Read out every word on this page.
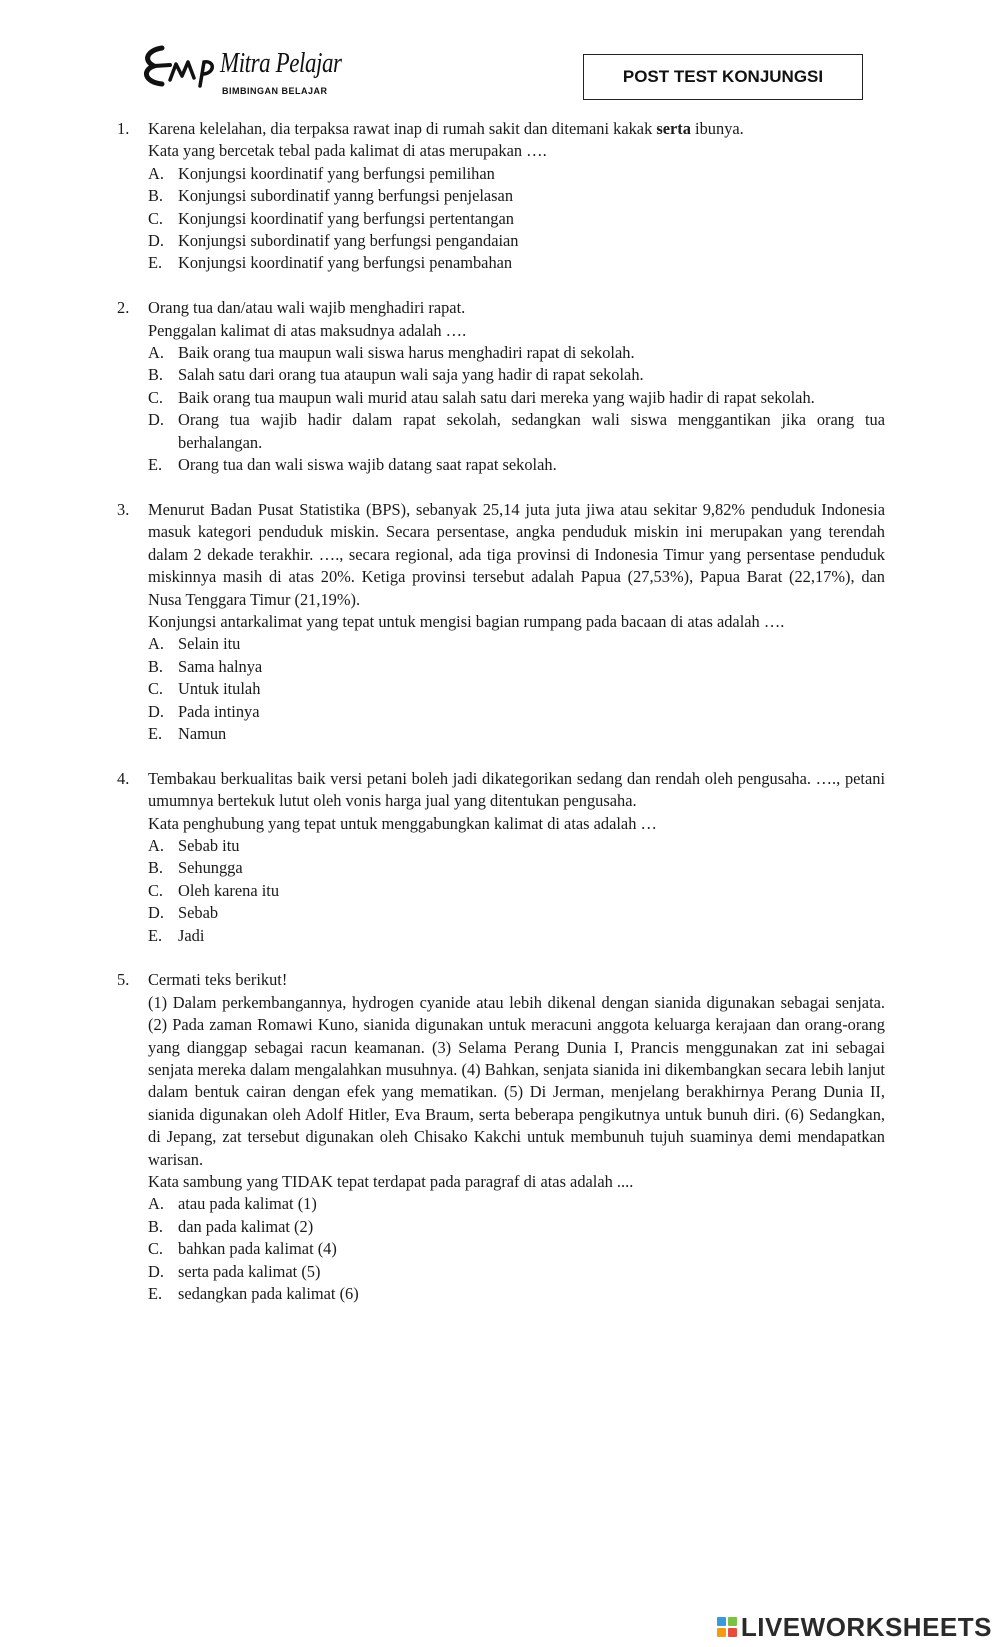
Mitra Pelajar
BIMBINGAN BELAJAR
POST TEST KONJUNGSI
1. Karena kelelahan, dia terpaksa rawat inap di rumah sakit dan ditemani kakak serta ibunya.
Kata yang bercetak tebal pada kalimat di atas merupakan ….
A. Konjungsi koordinatif yang berfungsi pemilihan
B. Konjungsi subordinatif yanng berfungsi penjelasan
C. Konjungsi koordinatif yang berfungsi pertentangan
D. Konjungsi subordinatif yang berfungsi pengandaian
E. Konjungsi koordinatif yang berfungsi penambahan
2. Orang tua dan/atau wali wajib menghadiri rapat.
Penggalan kalimat di atas maksudnya adalah ….
A. Baik orang tua maupun wali siswa harus menghadiri rapat di sekolah.
B. Salah satu dari orang tua ataupun wali saja yang hadir di rapat sekolah.
C. Baik orang tua maupun wali murid atau salah satu dari mereka yang wajib hadir di rapat sekolah.
D. Orang tua wajib hadir dalam rapat sekolah, sedangkan wali siswa menggantikan jika orang tua berhalangan.
E. Orang tua dan wali siswa wajib datang saat rapat sekolah.
3. Menurut Badan Pusat Statistika (BPS), sebanyak 25,14 juta juta jiwa atau sekitar 9,82% penduduk Indonesia masuk kategori penduduk miskin. Secara persentase, angka penduduk miskin ini merupakan yang terendah dalam 2 dekade terakhir. …., secara regional, ada tiga provinsi di Indonesia Timur yang persentase penduduk miskinnya masih di atas 20%. Ketiga provinsi tersebut adalah Papua (27,53%), Papua Barat (22,17%), dan Nusa Tenggara Timur (21,19%).
Konjungsi antarkalimat yang tepat untuk mengisi bagian rumpang pada bacaan di atas adalah ….
A. Selain itu
B. Sama halnya
C. Untuk itulah
D. Pada intinya
E. Namun
4. Tembakau berkualitas baik versi petani boleh jadi dikategorikan sedang dan rendah oleh pengusaha. …., petani umumnya bertekuk lutut oleh vonis harga jual yang ditentukan pengusaha.
Kata penghubung yang tepat untuk menggabungkan kalimat di atas adalah …
A. Sebab itu
B. Sehungga
C. Oleh karena itu
D. Sebab
E. Jadi
5. Cermati teks berikut!
(1) Dalam perkembangannya, hydrogen cyanide atau lebih dikenal dengan sianida digunakan sebagai senjata. (2) Pada zaman Romawi Kuno, sianida digunakan untuk meracuni anggota keluarga kerajaan dan orang-orang yang dianggap sebagai racun keamanan. (3) Selama Perang Dunia I, Prancis menggunakan zat ini sebagai senjata mereka dalam mengalahkan musuhnya. (4) Bahkan, senjata sianida ini dikembangkan secara lebih lanjut dalam bentuk cairan dengan efek yang mematikan. (5) Di Jerman, menjelang berakhirnya Perang Dunia II, sianida digunakan oleh Adolf Hitler, Eva Braum, serta beberapa pengikutnya untuk bunuh diri. (6) Sedangkan, di Jepang, zat tersebut digunakan oleh Chisako Kakchi untuk membunuh tujuh suaminya demi mendapatkan warisan.
Kata sambung yang TIDAK tepat terdapat pada paragraf di atas adalah ....
A. atau pada kalimat (1)
B. dan pada kalimat (2)
C. bahkan pada kalimat (4)
D. serta pada kalimat (5)
E. sedangkan pada kalimat (6)
LIVEWORKSHEETS
